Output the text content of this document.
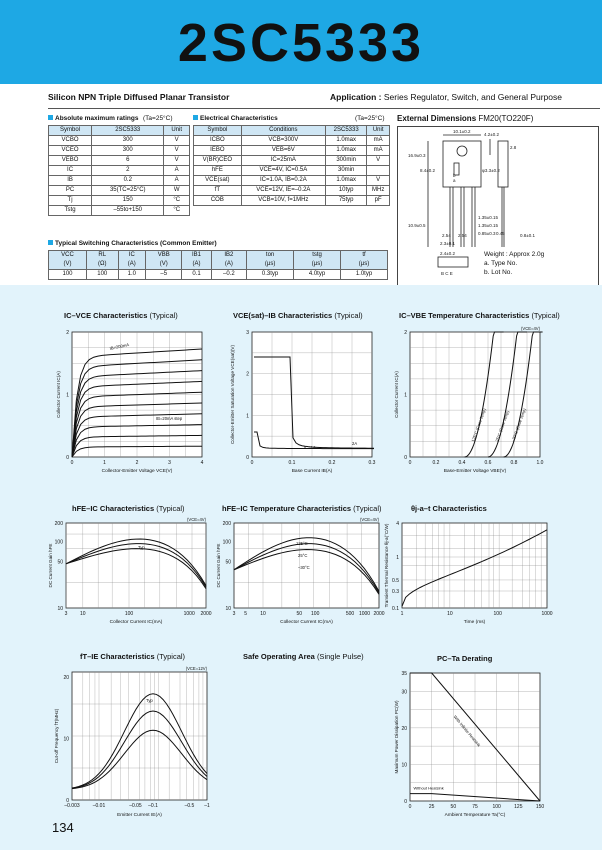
2SC5333
Silicon NPN Triple Diffused Planar Transistor	Application : Series Regulator, Switch, and General Purpose
Absolute maximum ratings (Ta=25°C)
Symbol	2SC5333	Unit
VCBO	300	V
VCEO	300	V
VEBO	6	V
IC	2	A
IB	0.2	A
PC	35(TC=25°C)	W
Tj	150	°C
Tstg	–55to+150	°C
Electrical Characteristics	(Ta=25°C)
Symbol	Conditions	2SC5333	Unit
ICBO	VCB=300V	1.0max	mA
IEBO	VEB=6V	1.0max	mA
V(BR)CEO	IC=25mA	300min	V
hFE	VCE=4V, IC=0.5A	30min	
VCE(sat)	IC=1.0A, IB=0.2A	1.0max	V
fT	VCE=12V, IE=–0.2A	10typ	MHz
COB	VCB=10V, f=1MHz	75typ	pF
Typical Switching Characteristics (Common Emitter)
VCC	RL	IC	VBB	IB1	IB2	ton	tstg	tf
(V)	(Ω)	(A)	(V)	(A)	(A)	(μs)	(μs)	(μs)
100	100	1.0	–5	0.1	–0.2	0.3typ	4.0typ	1.0typ
External Dimensions FM20(TO220F)
10.1±0.2
4.2±0.2
2.8
16.9±0.3
8.4±0.2	φ3.3±0.2
10.9±0.5
1.35±0.15
1.35±0.15
0.85±0.3
2.54 2.54	0.45
2.4±0.2
0.8±0.1
2.3±0.1
a
b
B C E
Weight : Approx 2.0g
a. Type No.
b. Lot No.
IC–VCE Characteristics (Typical)	VCE(sat)–IB Characteristics (Typical)	IC–VBE Temperature Characteristics (Typical)
hFE–IC Characteristics (Typical)	hFE–IC Temperature Characteristics (Typical)	θj-a–t Characteristics
fT–IE Characteristics (Typical)	Safe Operating Area (Single Pulse)	PC–Ta Derating
0	1	2	3	4
0
1
2
Collector Current IC(A)
Collector-Emitter Voltage VCE(V)
IB=200mA
IB=20mA step
0	0.1	0.2	0.3
0
1
2
3
Collector-Emitter Saturation Voltage VCE(sat)(V)
Base Current IB(A)
IC=1A
2A
0	0.2	0.4	0.6	0.8	1.0
0
1
2
Collector Current IC(A)
Base-Emitter Voltage VBE(V)
(VCE=4V)
125°C (Case Temp) 25°C (Case Temp) –30°C (Case Temp)
3	10	100	1000 2000
10
50
100
200
DC Current Gain hFE
Collector Current IC(mA)
(VCE=4V)
Typ
3 5	10	50 100	500 1000 2000
10
50
100
200
DC Current Gain hFE
Collector Current IC(mA)
(VCE=4V)
125°C
25°C
–30°C
1	10	100	1000
0.1
0.3
0.5
1
4
Transient Thermal Resistance θj-a(°C/W)
Time (ms)
–0.003	–0.01	–0.05 –0.1	–0.5 –1
0
10
20
Cut-off Frequency fT(MHz)
Emitter Current IE(A)
(VCE=12V)
Typ
0	25	50	75	100	125	150
0
10
20
30
35
Maximum Power Dissipation PC(W)
Ambient Temperature Ta(°C)
With Infinite Heatsink
Without Heatsink
134
